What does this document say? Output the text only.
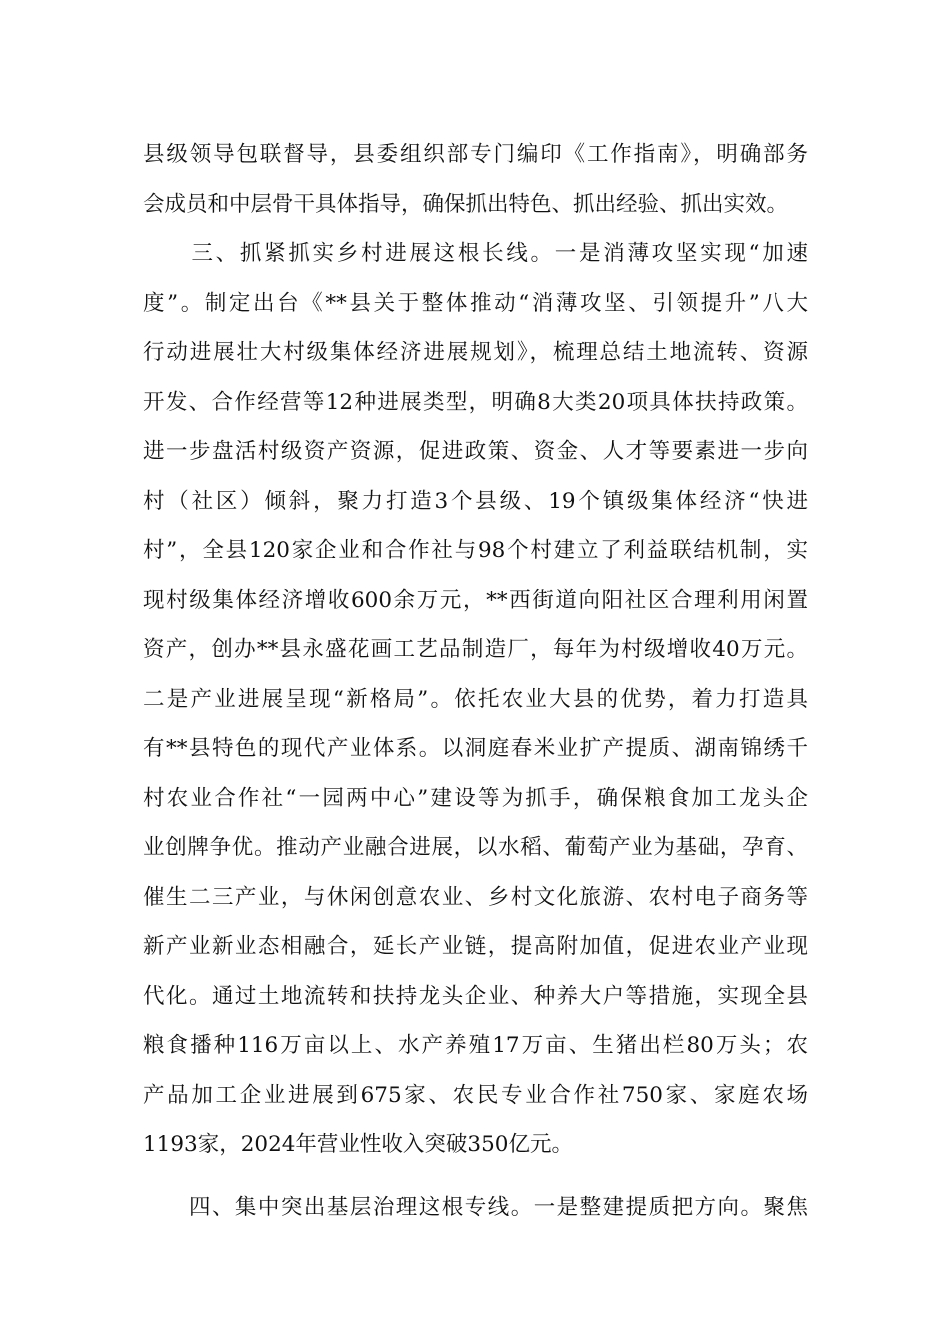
县级领导包联督导，县委组织部专门编印《工作指南》，明确部务
会成员和中层骨干具体指导，确保抓出特色、抓出经验、抓出实效。
　　三、抓紧抓实乡村进展这根长线。一是消薄攻坚实现“加速
度”。制定出台《**县关于整体推动“消薄攻坚、引领提升”八大
行动进展壮大村级集体经济进展规划》，梳理总结土地流转、资源
开发、合作经营等12种进展类型，明确8大类20项具体扶持政策。
进一步盘活村级资产资源，促进政策、资金、人才等要素进一步向
村（社区）倾斜，聚力打造3个县级、19个镇级集体经济“快进
村”，全县120家企业和合作社与98个村建立了利益联结机制，实
现村级集体经济增收600余万元，**西街道向阳社区合理利用闲置
资产，创办**县永盛花画工艺品制造厂，每年为村级增收40万元。
二是产业进展呈现“新格局”。依托农业大县的优势，着力打造具
有**县特色的现代产业体系。以洞庭春米业扩产提质、湖南锦绣千
村农业合作社“一园两中心”建设等为抓手，确保粮食加工龙头企
业创牌争优。推动产业融合进展，以水稻、葡萄产业为基础，孕育、
催生二三产业，与休闲创意农业、乡村文化旅游、农村电子商务等
新产业新业态相融合，延长产业链，提高附加值，促进农业产业现
代化。通过土地流转和扶持龙头企业、种养大户等措施，实现全县
粮食播种116万亩以上、水产养殖17万亩、生猪出栏80万头；农
产品加工企业进展到675家、农民专业合作社750家、家庭农场
1193家，2024年营业性收入突破350亿元。
　　四、集中突出基层治理这根专线。一是整建提质把方向。聚焦
